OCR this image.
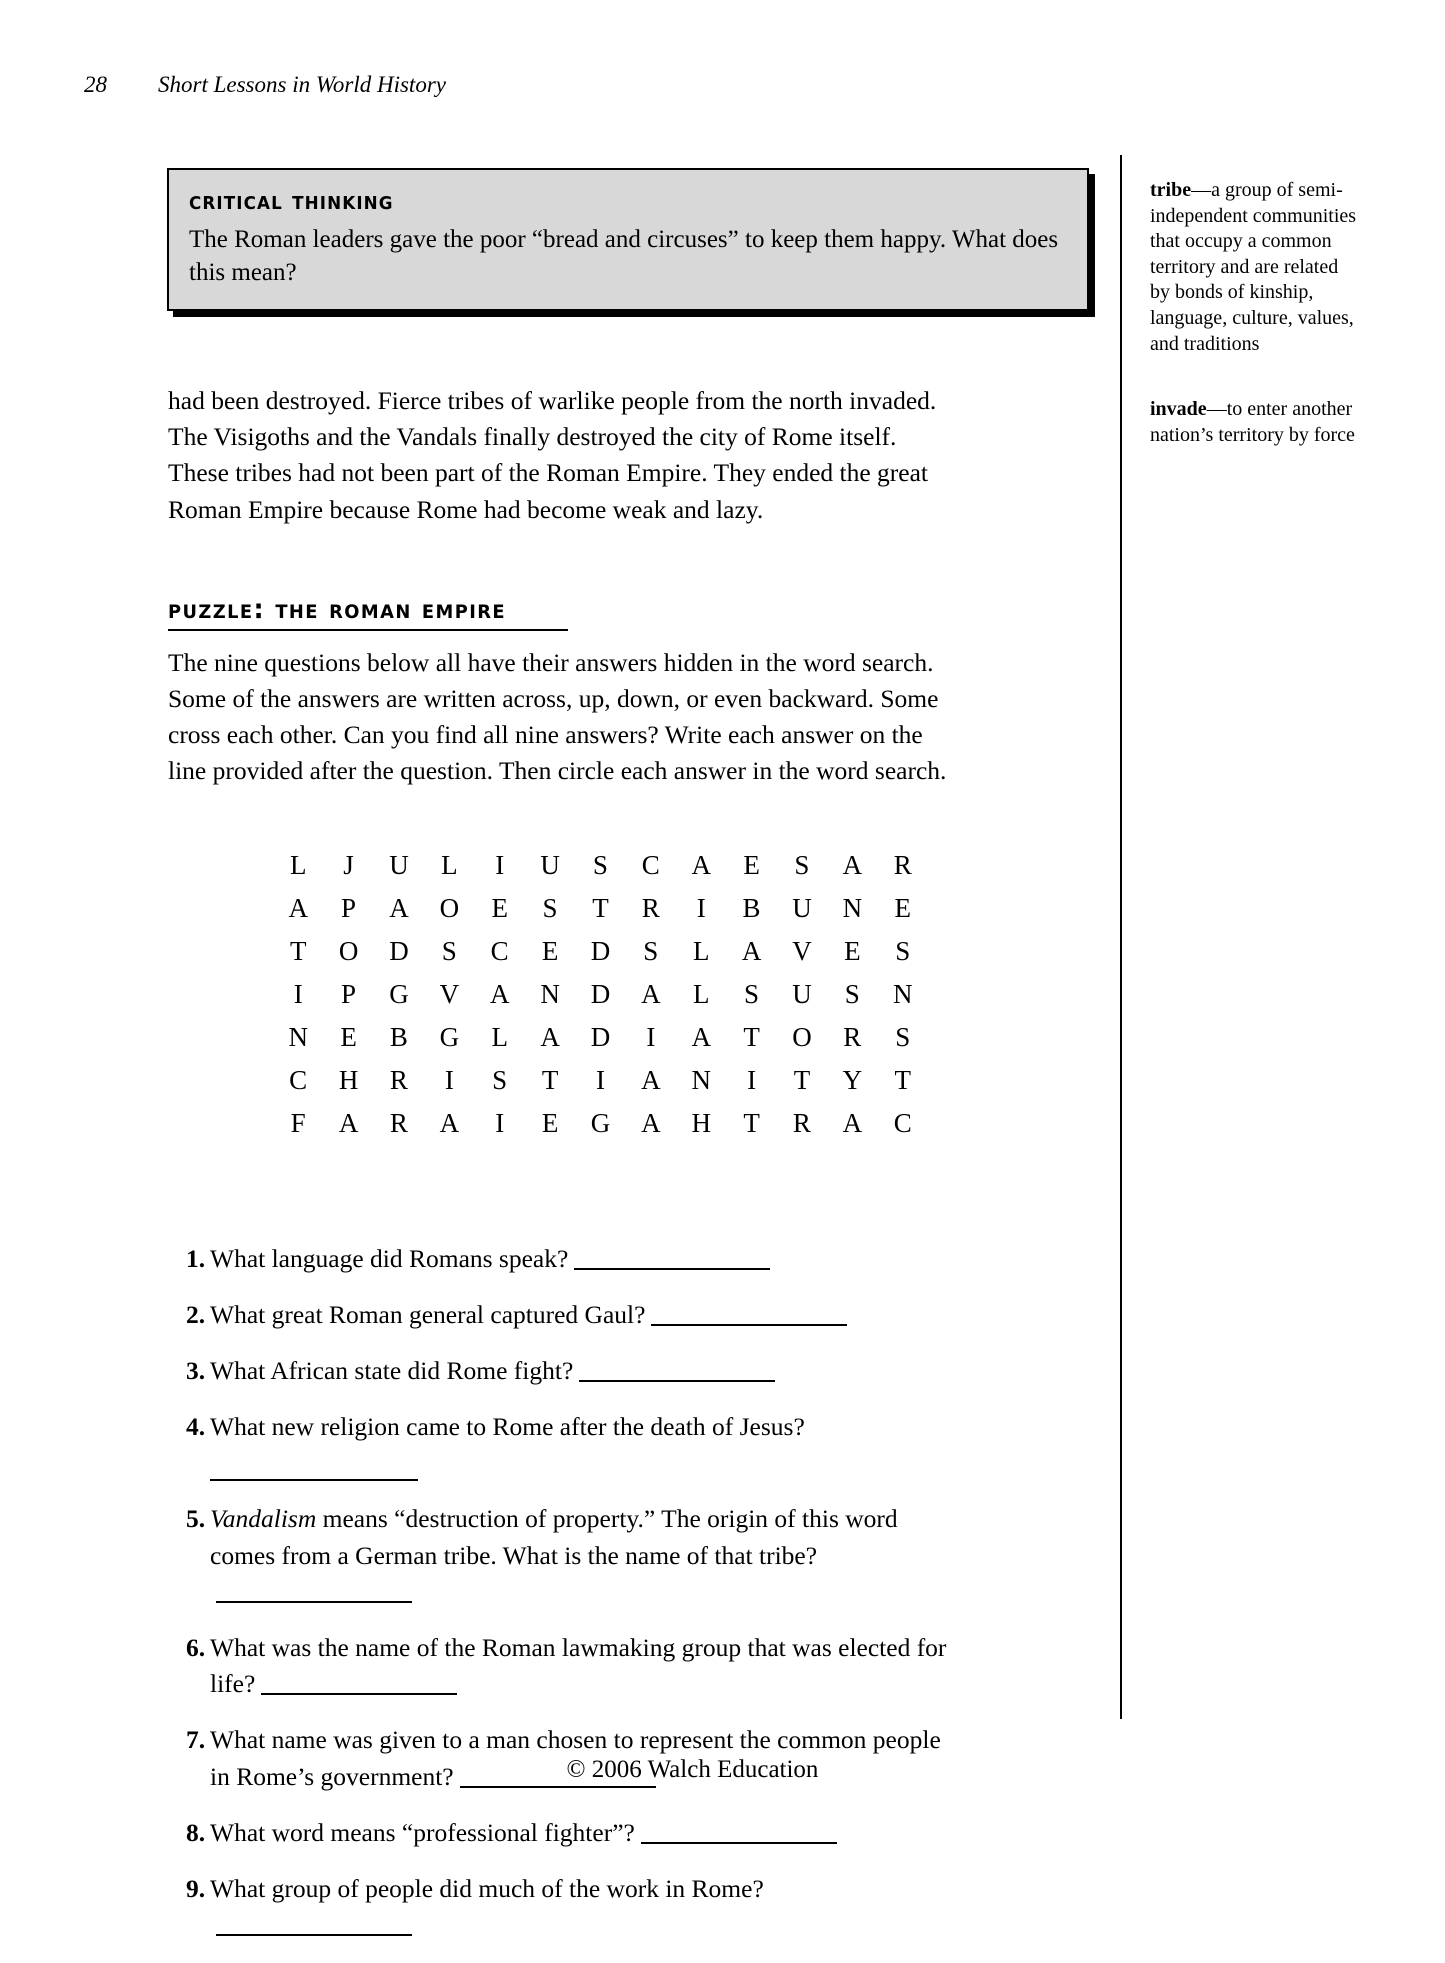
28	Short Lessons in World History
critical thinking

The Roman leaders gave the poor “bread and circuses” to keep them happy. What does this mean?

had been destroyed. Fierce tribes of warlike people from the north invaded. The Visigoths and the Vandals finally destroyed the city of Rome itself. These tribes had not been part of the Roman Empire. They ended the great Roman Empire because Rome had become weak and lazy.

puzzle: the roman empire

The nine questions below all have their answers hidden in the word search. Some of the answers are written across, up, down, or even backward. Some cross each other. Can you find all nine answers? Write each answer on the line provided after the question. Then circle each answer in the word search.

L	J	U	L	I	U	S	C	A	E	S	A	R
A	P	A	O	E	S	T	R	I	B	U	N	E
T	O	D	S	C	E	D	S	L	A	V	E	S
I	P	G	V	A	N	D	A	L	S	U	S	N
N	E	B	G	L	A	D	I	A	T	O	R	S
C	H	R	I	S	T	I	A	N	I	T	Y	T
F	A	R	A	I	E	G	A	H	T	R	A	C
1. What language did Romans speak?
2. What great Roman general captured Gaul?
3. What African state did Rome fight?
4. What new religion came to Rome after the death of Jesus?
5. Vandalism means “destruction of property.” The origin of this word comes from a German tribe. What is the name of that tribe?
6. What was the name of the Roman lawmaking group that was elected for life?
7. What name was given to a man chosen to represent the common people in Rome’s government?
8. What word means “professional fighter”?
9. What group of people did much of the work in Rome?

tribe—a group of semi-independent communities that occupy a common territory and are related by bonds of kinship, language, culture, values, and traditions

invade—to enter another nation’s territory by force

© 2006 Walch Education
